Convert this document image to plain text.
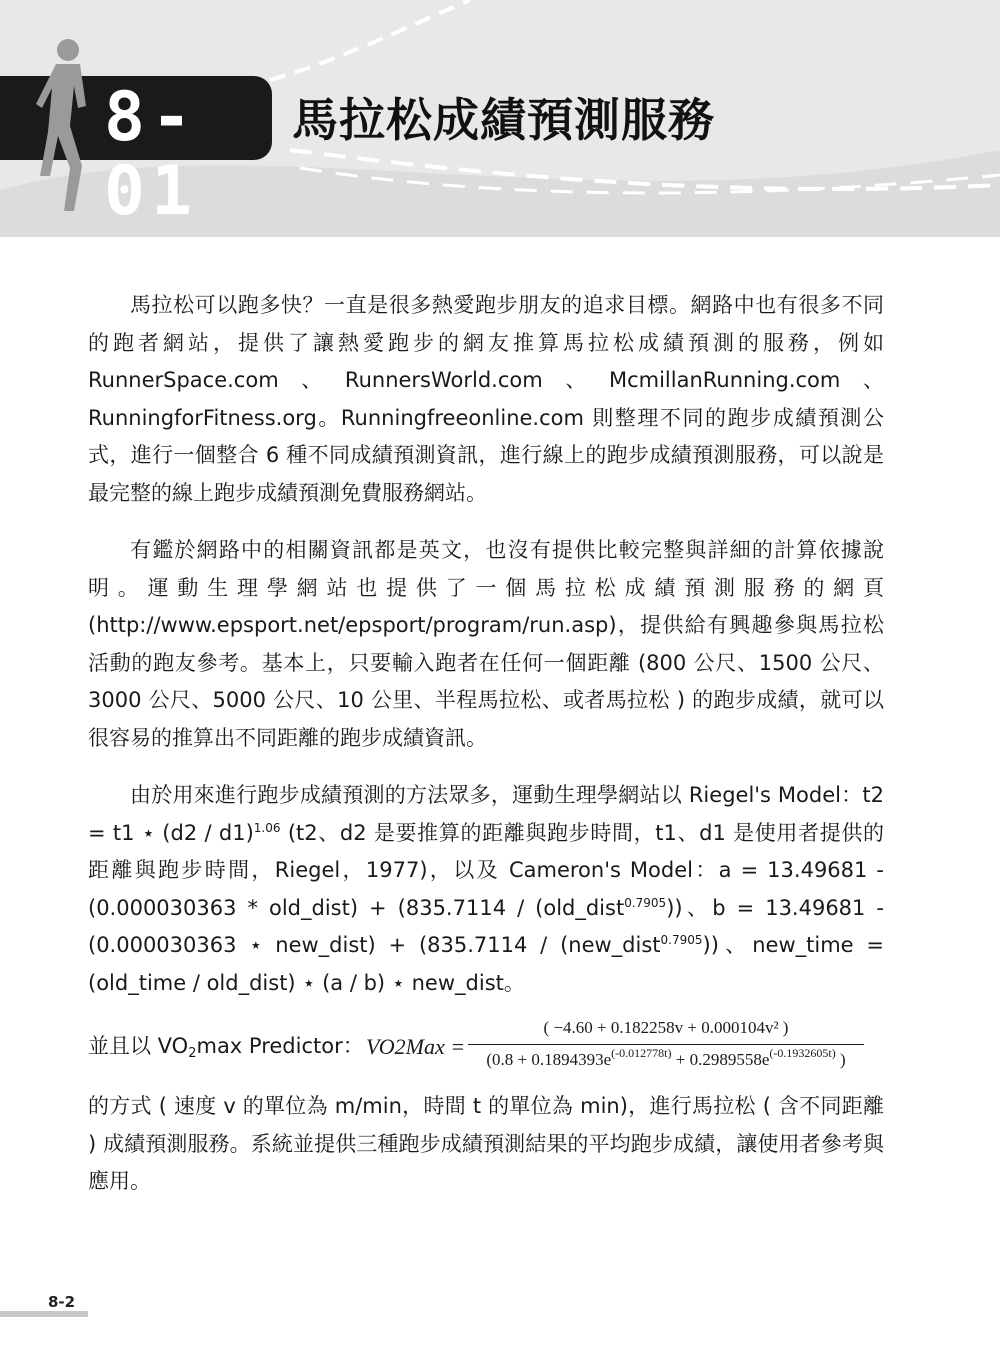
8-01
馬拉松成績預測服務

馬拉松可以跑多快？一直是很多熱愛跑步朋友的追求目標。網路中也有很多不同的跑者網站，提供了讓熱愛跑步的網友推算馬拉松成績預測的服務，例如 RunnerSpace.com、RunnersWorld.com、McmillanRunning.com、RunningforFitness.org。Runningfreeonline.com 則整理不同的跑步成績預測公式，進行一個整合 6 種不同成績預測資訊，進行線上的跑步成績預測服務，可以說是最完整的線上跑步成績預測免費服務網站。

有鑑於網路中的相關資訊都是英文，也沒有提供比較完整與詳細的計算依據說明。運動生理學網站也提供了一個馬拉松成績預測服務的網頁 (http://www.epsport.net/epsport/program/run.asp)，提供給有興趣參與馬拉松活動的跑友參考。基本上，只要輸入跑者在任何一個距離 (800 公尺、1500 公尺、3000 公尺、5000 公尺、10 公里、半程馬拉松、或者馬拉松 ) 的跑步成績，就可以很容易的推算出不同距離的跑步成績資訊。

由於用來進行跑步成績預測的方法眾多，運動生理學網站以 Riegel's Model：t2 = t1 ⋆ (d2 / d1)$^{1.06}$ (t2、d2 是要推算的距離與跑步時間，t1、d1 是使用者提供的距離與跑步時間，Riegel，1977)，以及 Cameron's Model：a = 13.49681 - (0.000030363 * old_dist) + (835.7114 / (old_dist$^{0.7905}$))、b = 13.49681 - (0.000030363 ⋆ new_dist) + (835.7114 / (new_dist$^{0.7905}$))、new_time = (old_time / old_dist) ⋆ (a / b) ⋆ new_dist。

並且以 $VO_2\max$ Predictor： VO2Max =
( −4.60 + 0.182258v + 0.000104v² )
($0.8 + 0.1894393e^{(-0.012778t)} + 0.2989558e^{(-0.1932605t)}$ )

的方式 ( 速度 v 的單位為 m/min，時間 t 的單位為 min)，進行馬拉松 ( 含不同距離 ) 成績預測服務。系統並提供三種跑步成績預測結果的平均跑步成績，讓使用者參考與應用。

8-2
